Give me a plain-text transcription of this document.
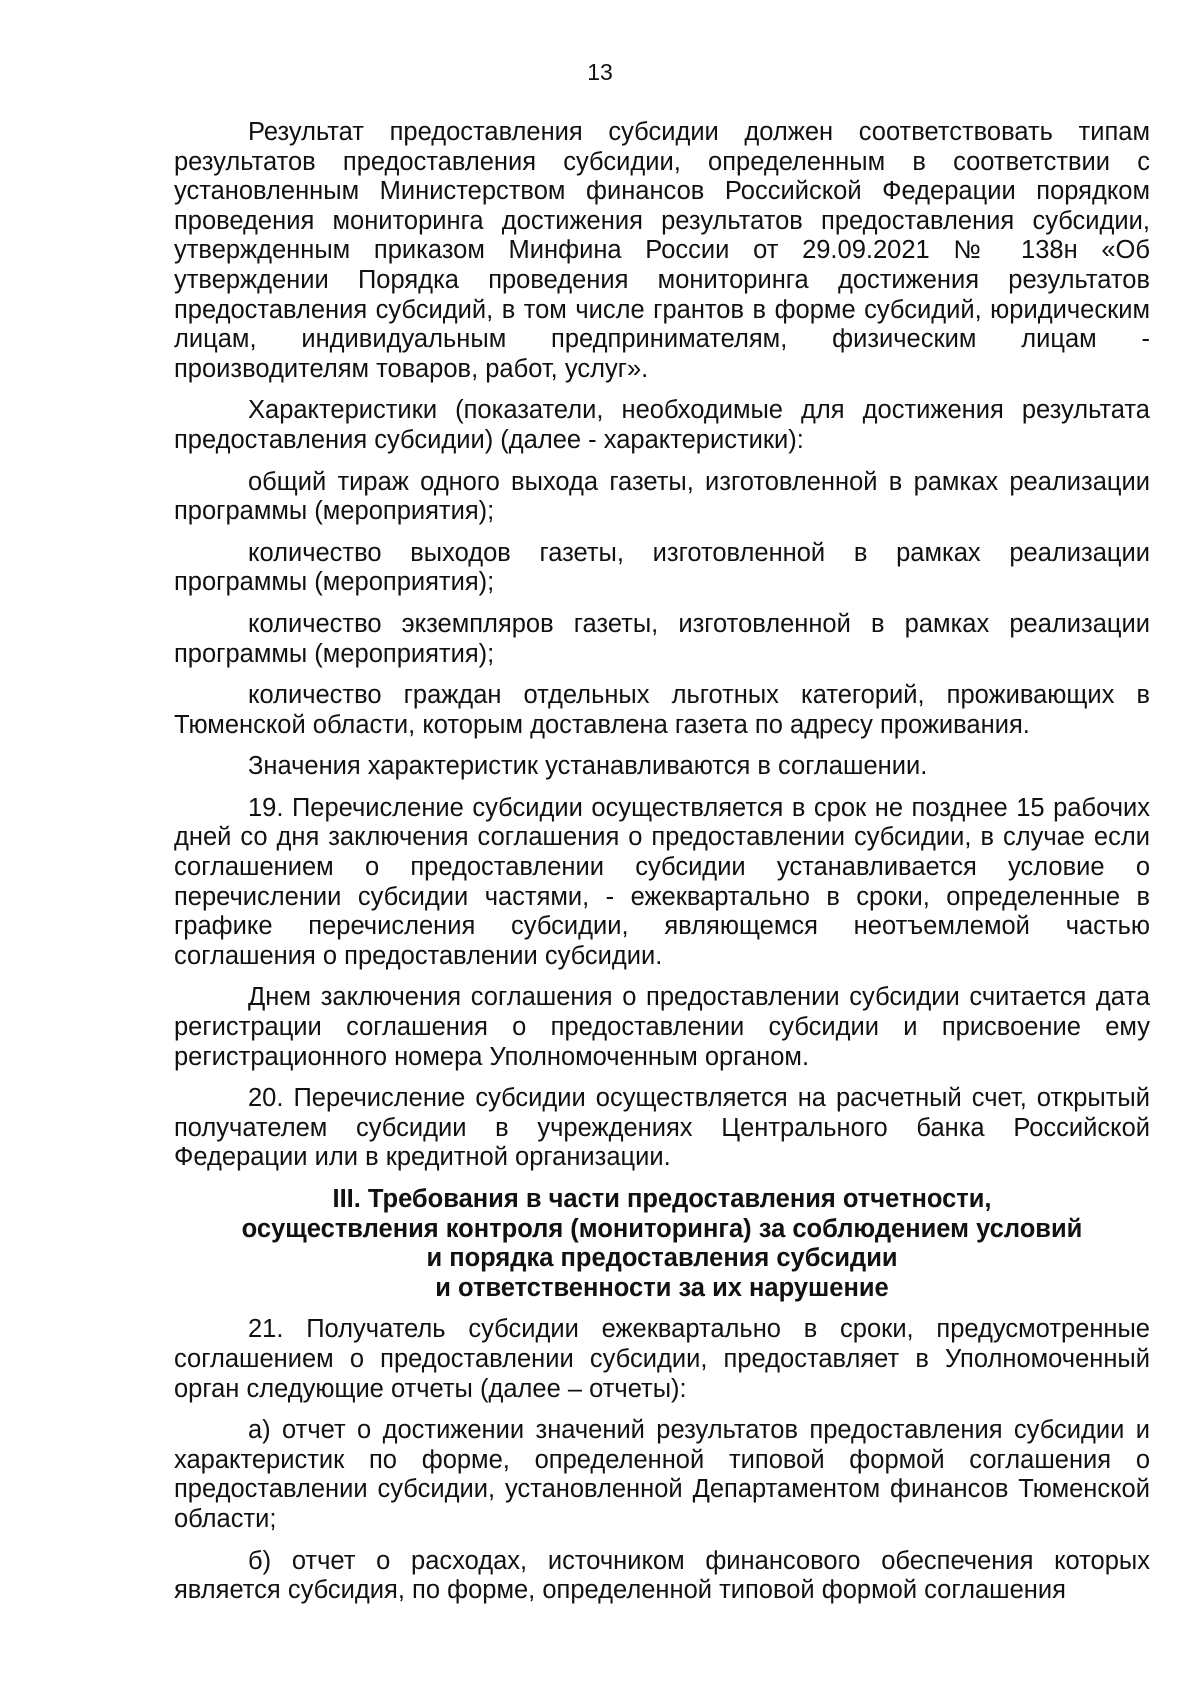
13

Результат предоставления субсидии должен соответствовать типам результатов предоставления субсидии, определенным в соответствии с установленным Министерством финансов Российской Федерации порядком проведения мониторинга достижения результатов предоставления субсидии, утвержденным приказом Минфина России от 29.09.2021 № 138н «Об утверждении Порядка проведения мониторинга достижения результатов предоставления субсидий, в том числе грантов в форме субсидий, юридическим лицам, индивидуальным предпринимателям, физическим лицам - производителям товаров, работ, услуг».

Характеристики (показатели, необходимые для достижения результата предоставления субсидии) (далее - характеристики):

общий тираж одного выхода газеты, изготовленной в рамках реализации программы (мероприятия);

количество выходов газеты, изготовленной в рамках реализации программы (мероприятия);

количество экземпляров газеты, изготовленной в рамках реализации программы (мероприятия);

количество граждан отдельных льготных категорий, проживающих в Тюменской области, которым доставлена газета по адресу проживания.

Значения характеристик устанавливаются в соглашении.

19. Перечисление субсидии осуществляется в срок не позднее 15 рабочих дней со дня заключения соглашения о предоставлении субсидии, в случае если соглашением о предоставлении субсидии устанавливается условие о перечислении субсидии частями, - ежеквартально в сроки, определенные в графике перечисления субсидии, являющемся неотъемлемой частью соглашения о предоставлении субсидии.

Днем заключения соглашения о предоставлении субсидии считается дата регистрации соглашения о предоставлении субсидии и присвоение ему регистрационного номера Уполномоченным органом.

20. Перечисление субсидии осуществляется на расчетный счет, открытый получателем субсидии в учреждениях Центрального банка Российской Федерации или в кредитной организации.

III. Требования в части предоставления отчетности,
осуществления контроля (мониторинга) за соблюдением условий
и порядка предоставления субсидии
и ответственности за их нарушение

21. Получатель субсидии ежеквартально в сроки, предусмотренные соглашением о предоставлении субсидии, предоставляет в Уполномоченный орган следующие отчеты (далее – отчеты):

а) отчет о достижении значений результатов предоставления субсидии и характеристик по форме, определенной типовой формой соглашения о предоставлении субсидии, установленной Департаментом финансов Тюменской области;

б) отчет о расходах, источником финансового обеспечения которых является субсидия, по форме, определенной типовой формой соглашения
